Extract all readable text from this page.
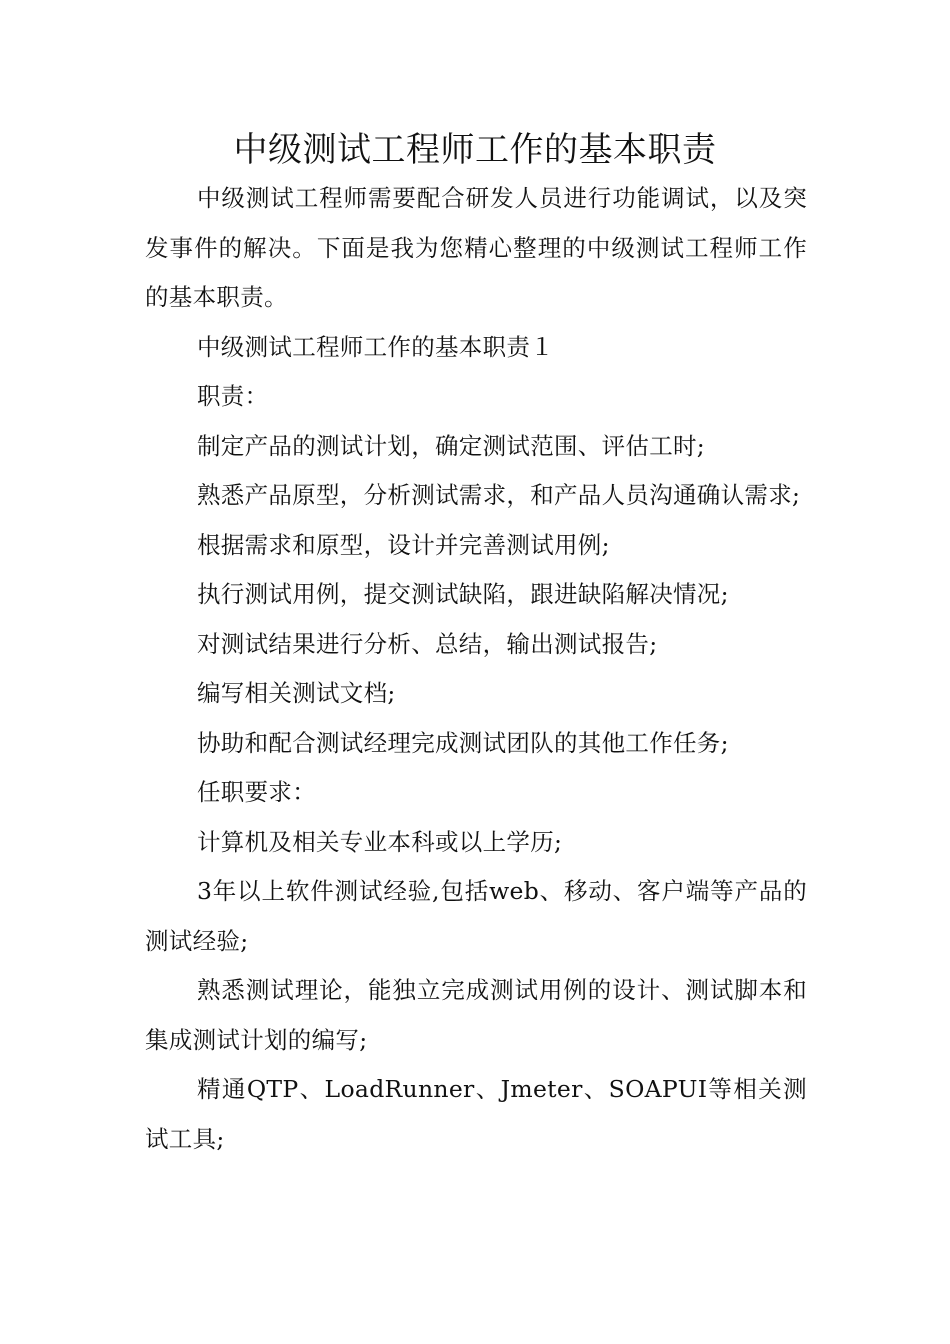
中级测试工程师工作的基本职责

中级测试工程师需要配合研发人员进行功能调试，以及突发事件的解决。下面是我为您精心整理的中级测试工程师工作的基本职责。

中级测试工程师工作的基本职责１

职责：

制定产品的测试计划，确定测试范围、评估工时;

熟悉产品原型，分析测试需求，和产品人员沟通确认需求;

根据需求和原型，设计并完善测试用例;

执行测试用例，提交测试缺陷，跟进缺陷解决情况;

对测试结果进行分析、总结，输出测试报告;

编写相关测试文档;

协助和配合测试经理完成测试团队的其他工作任务;

任职要求：

计算机及相关专业本科或以上学历;

3年以上软件测试经验,包括web、移动、客户端等产品的测试经验;

熟悉测试理论，能独立完成测试用例的设计、测试脚本和集成测试计划的编写;

精通QTP、LoadRunner、Jmeter、SOAPUI等相关测试工具;
